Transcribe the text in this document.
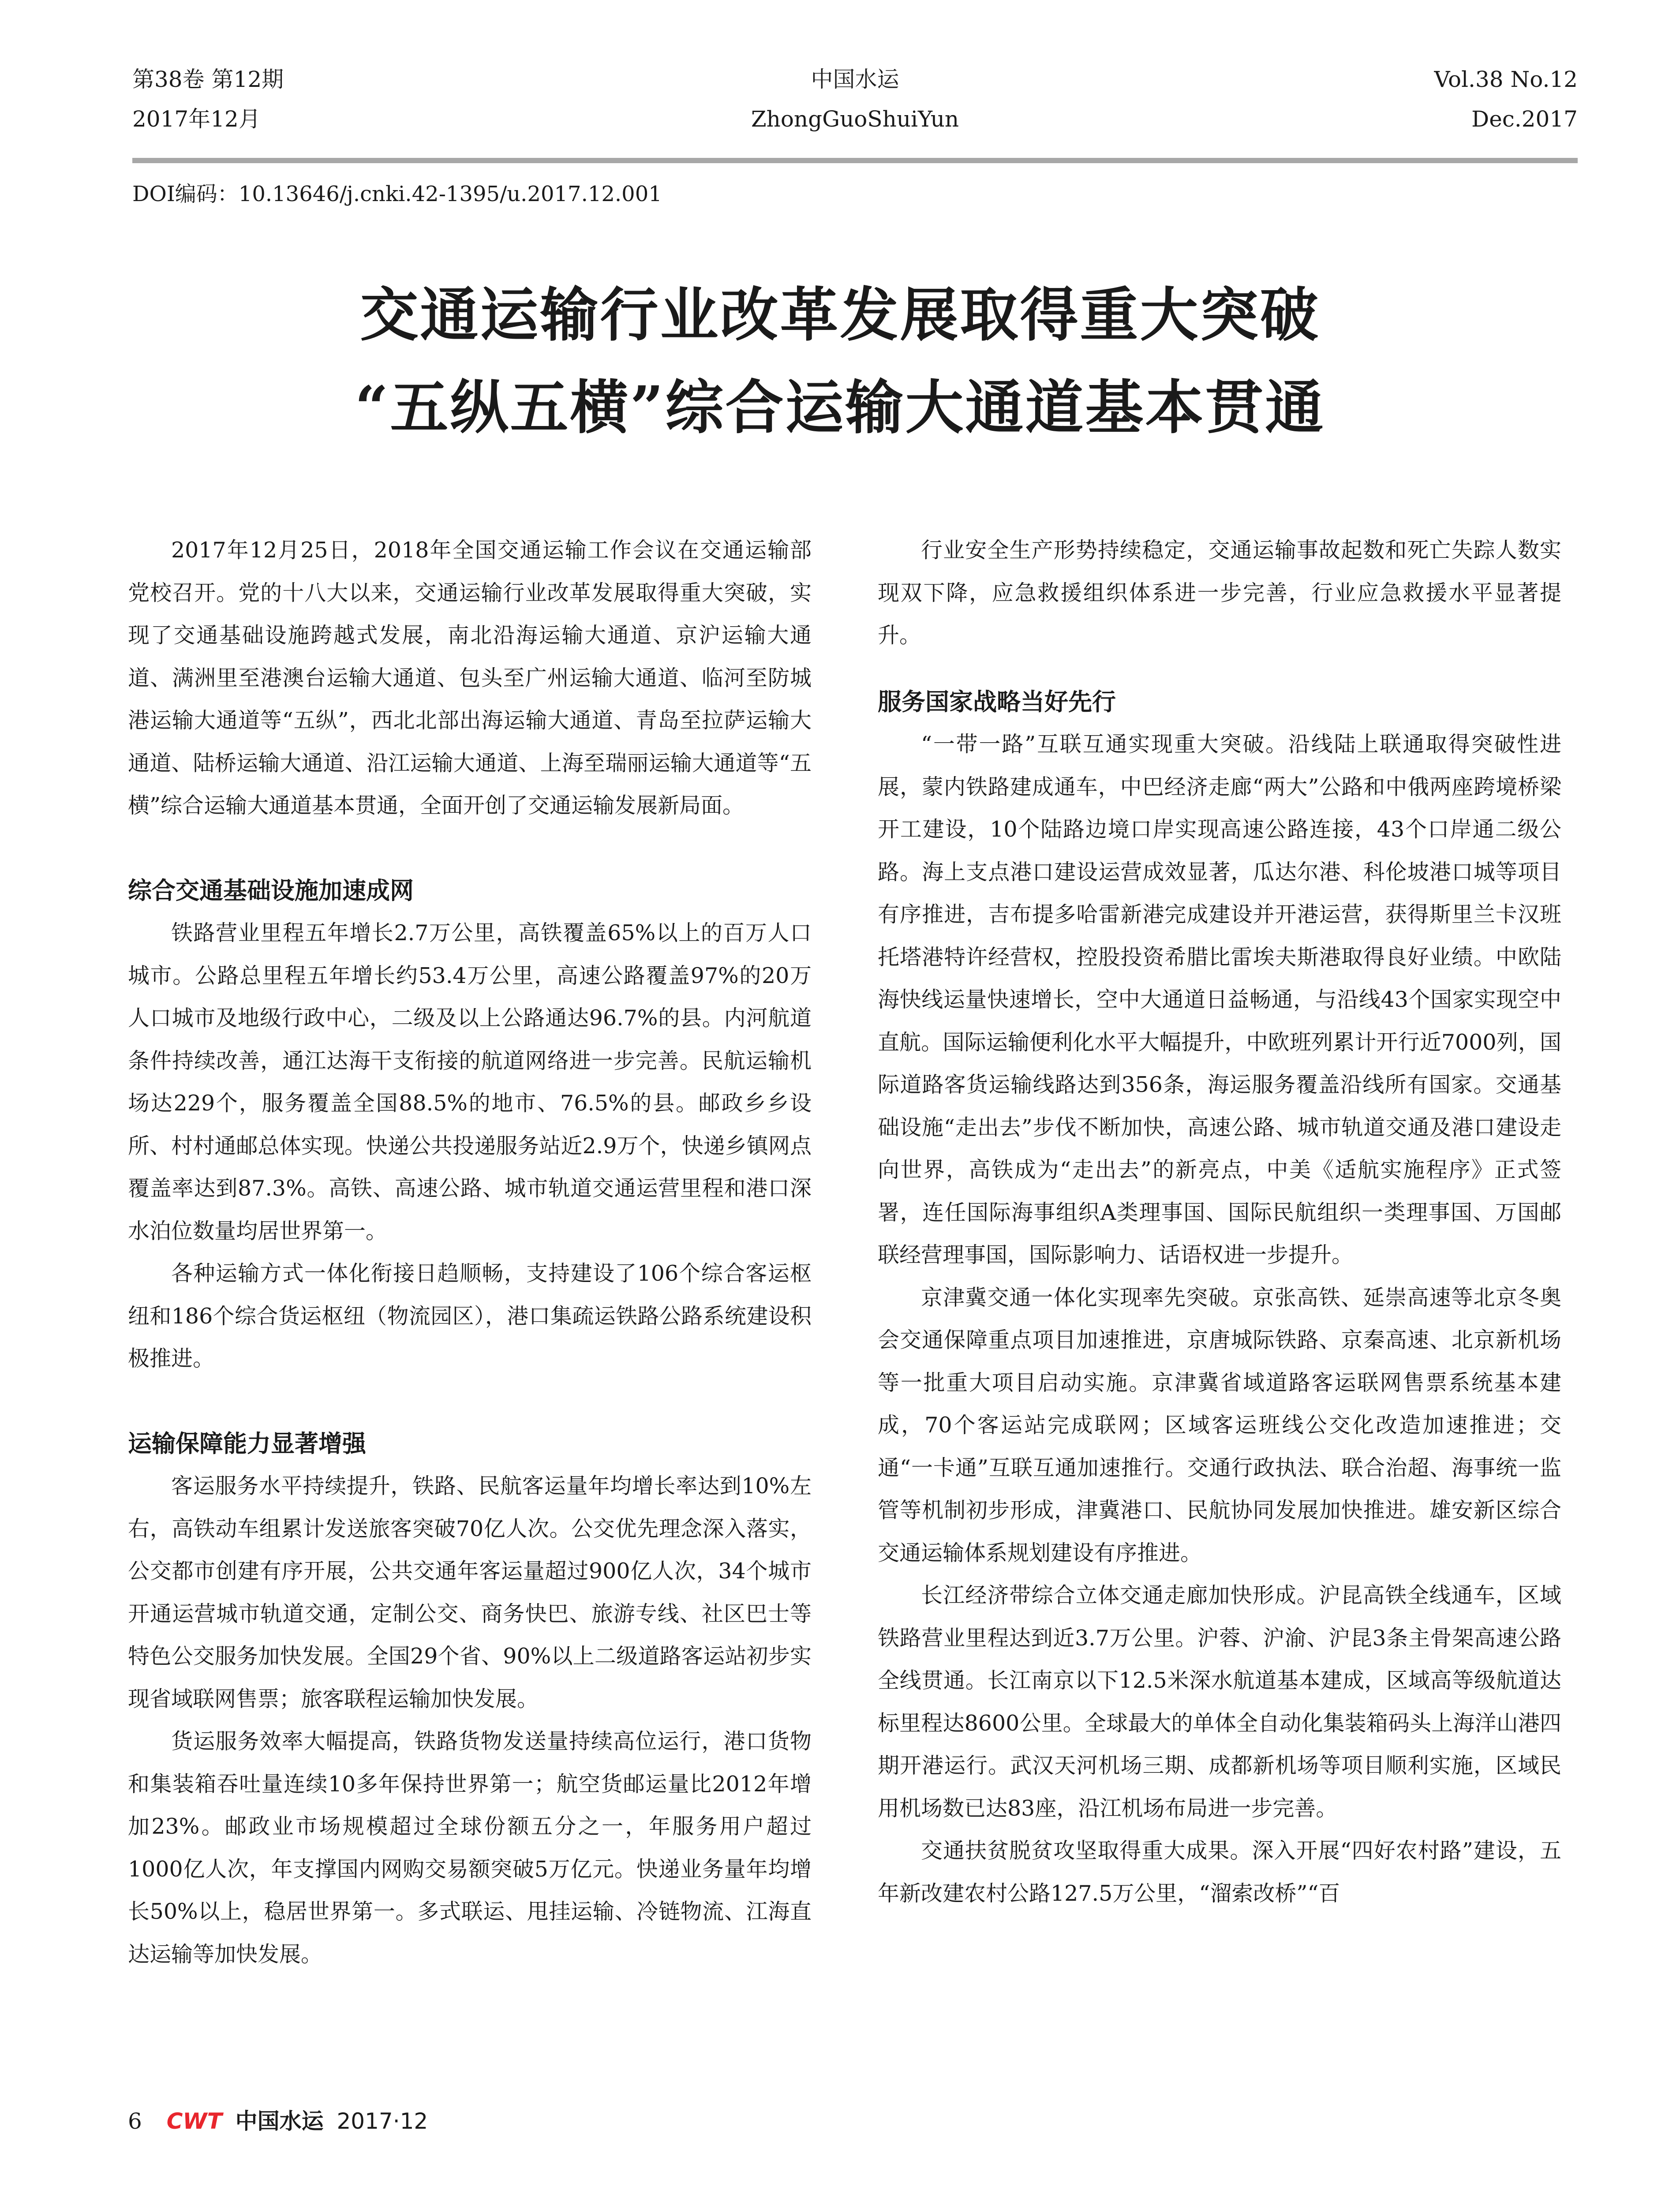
第38卷 第12期	中国水运	Vol.38 No.12
2017年12月	ZhongGuoShuiYun	Dec.2017
DOI编码：10.13646/j.cnki.42-1395/u.2017.12.001
交通运输行业改革发展取得重大突破
“五纵五横”综合运输大通道基本贯通

2017年12月25日，2018年全国交通运输工作会议在交通运输部党校召开。党的十八大以来，交通运输行业改革发展取得重大突破，实现了交通基础设施跨越式发展，南北沿海运输大通道、京沪运输大通道、满洲里至港澳台运输大通道、包头至广州运输大通道、临河至防城港运输大通道等“五纵”，西北北部出海运输大通道、青岛至拉萨运输大通道、陆桥运输大通道、沿江运输大通道、上海至瑞丽运输大通道等“五横”综合运输大通道基本贯通，全面开创了交通运输发展新局面。

综合交通基础设施加速成网

铁路营业里程五年增长2.7万公里，高铁覆盖65%以上的百万人口城市。公路总里程五年增长约53.4万公里，高速公路覆盖97%的20万人口城市及地级行政中心，二级及以上公路通达96.7%的县。内河航道条件持续改善，通江达海干支衔接的航道网络进一步完善。民航运输机场达229个，服务覆盖全国88.5%的地市、76.5%的县。邮政乡乡设所、村村通邮总体实现。快递公共投递服务站近2.9万个，快递乡镇网点覆盖率达到87.3%。高铁、高速公路、城市轨道交通运营里程和港口深水泊位数量均居世界第一。

各种运输方式一体化衔接日趋顺畅，支持建设了106个综合客运枢纽和186个综合货运枢纽（物流园区），港口集疏运铁路公路系统建设积极推进。

运输保障能力显著增强

客运服务水平持续提升，铁路、民航客运量年均增长率达到10%左右，高铁动车组累计发送旅客突破70亿人次。公交优先理念深入落实，公交都市创建有序开展，公共交通年客运量超过900亿人次，34个城市开通运营城市轨道交通，定制公交、商务快巴、旅游专线、社区巴士等特色公交服务加快发展。全国29个省、90%以上二级道路客运站初步实现省域联网售票；旅客联程运输加快发展。

货运服务效率大幅提高，铁路货物发送量持续高位运行，港口货物和集装箱吞吐量连续10多年保持世界第一；航空货邮运量比2012年增加23%。邮政业市场规模超过全球份额五分之一，年服务用户超过1000亿人次，年支撑国内网购交易额突破5万亿元。快递业务量年均增长50%以上，稳居世界第一。多式联运、甩挂运输、冷链物流、江海直达运输等加快发展。

行业安全生产形势持续稳定，交通运输事故起数和死亡失踪人数实现双下降，应急救援组织体系进一步完善，行业应急救援水平显著提升。

服务国家战略当好先行

“一带一路”互联互通实现重大突破。沿线陆上联通取得突破性进展，蒙内铁路建成通车，中巴经济走廊“两大”公路和中俄两座跨境桥梁开工建设，10个陆路边境口岸实现高速公路连接，43个口岸通二级公路。海上支点港口建设运营成效显著，瓜达尔港、科伦坡港口城等项目有序推进，吉布提多哈雷新港完成建设并开港运营，获得斯里兰卡汉班托塔港特许经营权，控股投资希腊比雷埃夫斯港取得良好业绩。中欧陆海快线运量快速增长，空中大通道日益畅通，与沿线43个国家实现空中直航。国际运输便利化水平大幅提升，中欧班列累计开行近7000列，国际道路客货运输线路达到356条，海运服务覆盖沿线所有国家。交通基础设施“走出去”步伐不断加快，高速公路、城市轨道交通及港口建设走向世界，高铁成为“走出去”的新亮点，中美《适航实施程序》正式签署，连任国际海事组织A类理事国、国际民航组织一类理事国、万国邮联经营理事国，国际影响力、话语权进一步提升。

京津冀交通一体化实现率先突破。京张高铁、延崇高速等北京冬奥会交通保障重点项目加速推进，京唐城际铁路、京秦高速、北京新机场等一批重大项目启动实施。京津冀省域道路客运联网售票系统基本建成，70个客运站完成联网；区域客运班线公交化改造加速推进；交通“一卡通”互联互通加速推行。交通行政执法、联合治超、海事统一监管等机制初步形成，津冀港口、民航协同发展加快推进。雄安新区综合交通运输体系规划建设有序推进。

长江经济带综合立体交通走廊加快形成。沪昆高铁全线通车，区域铁路营业里程达到近3.7万公里。沪蓉、沪渝、沪昆3条主骨架高速公路全线贯通。长江南京以下12.5米深水航道基本建成，区域高等级航道达标里程达8600公里。全球最大的单体全自动化集装箱码头上海洋山港四期开港运行。武汉天河机场三期、成都新机场等项目顺利实施，区域民用机场数已达83座，沿江机场布局进一步完善。

交通扶贫脱贫攻坚取得重大成果。深入开展“四好农村路”建设，五年新改建农村公路127.5万公里，“溜索改桥”“百

6 CWT 中国水运 2017·12
